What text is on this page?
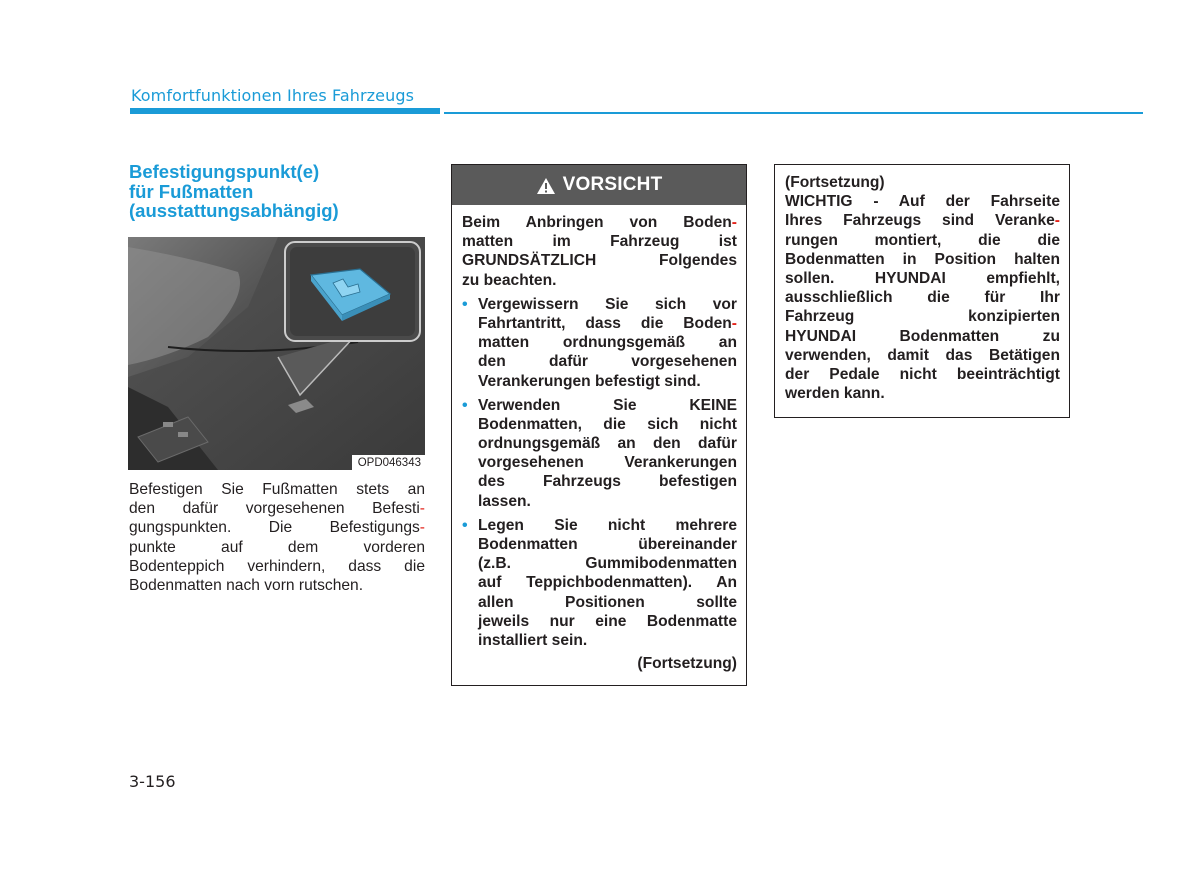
Komfortfunktionen Ihres Fahrzeugs
Befestigungspunkt(e)
für Fußmatten
(ausstattungsabhängig)
OPD046343
Befestigen Sie Fußmatten stets an
den dafür vorgesehenen Befesti-
gungspunkten. Die Befestigungs-
punkte auf dem vorderen
Bodenteppich verhindern, dass die
Bodenmatten nach vorn rutschen.
VORSICHT
Beim Anbringen von Boden-
matten im Fahrzeug ist
GRUNDSÄTZLICH Folgendes
zu beachten.
• Vergewissern Sie sich vor
Fahrtantritt, dass die Boden-
matten ordnungsgemäß an
den dafür vorgesehenen
Verankerungen befestigt sind.
• Verwenden Sie KEINE
Bodenmatten, die sich nicht
ordnungsgemäß an den dafür
vorgesehenen Verankerungen
des Fahrzeugs befestigen
lassen.
• Legen Sie nicht mehrere
Bodenmatten übereinander
(z.B. Gummibodenmatten
auf Teppichbodenmatten). An
allen Positionen sollte
jeweils nur eine Bodenmatte
installiert sein.
(Fortsetzung)
(Fortsetzung)
WICHTIG - Auf der Fahrseite
Ihres Fahrzeugs sind Veranke-
rungen montiert, die die
Bodenmatten in Position halten
sollen. HYUNDAI empfiehlt,
ausschließlich die für Ihr
Fahrzeug konzipierten
HYUNDAI Bodenmatten zu
verwenden, damit das Betätigen
der Pedale nicht beeinträchtigt
werden kann.
3-156
